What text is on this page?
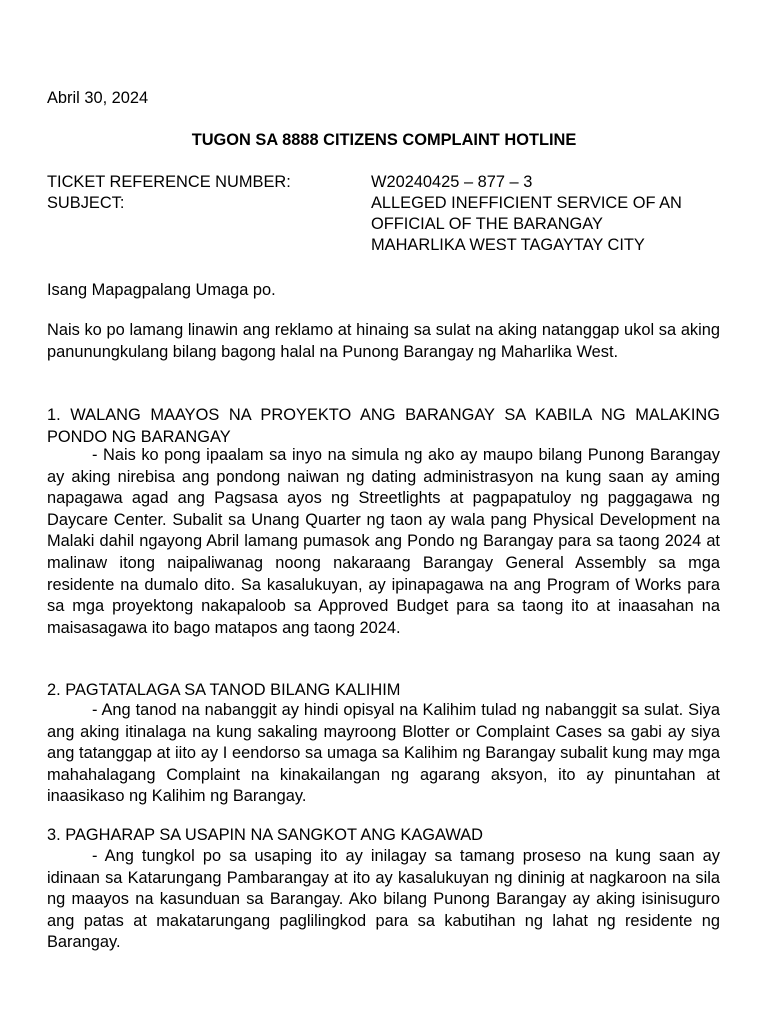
Abril 30, 2024
TUGON SA 8888 CITIZENS COMPLAINT HOTLINE
TICKET REFERENCE NUMBER:	W20240425 – 877 – 3
SUBJECT:	ALLEGED INEFFICIENT SERVICE OF AN
OFFICIAL OF THE BARANGAY
MAHARLIKA WEST TAGAYTAY CITY
Isang Mapagpalang Umaga po.

Nais ko po lamang linawin ang reklamo at hinaing sa sulat na aking natanggap ukol sa aking panunungkulang bilang bagong halal na Punong Barangay ng Maharlika West.

1. WALANG MAAYOS NA PROYEKTO ANG BARANGAY SA KABILA NG MALAKING PONDO NG BARANGAY

- Nais ko pong ipaalam sa inyo na simula ng ako ay maupo bilang Punong Barangay ay aking nirebisa ang pondong naiwan ng dating administrasyon na kung saan ay aming napagawa agad ang Pagsasa ayos ng Streetlights at pagpapatuloy ng paggagawa ng Daycare Center. Subalit sa Unang Quarter ng taon ay wala pang Physical Development na Malaki dahil ngayong Abril lamang pumasok ang Pondo ng Barangay para sa taong 2024 at malinaw itong naipaliwanag noong nakaraang Barangay General Assembly sa mga residente na dumalo dito. Sa kasalukuyan, ay ipinapagawa na ang Program of Works para sa mga proyektong nakapaloob sa Approved Budget para sa taong ito at inaasahan na maisasagawa ito bago matapos ang taong 2024.

2. PAGTATALAGA SA TANOD BILANG KALIHIM

- Ang tanod na nabanggit ay hindi opisyal na Kalihim tulad ng nabanggit sa sulat. Siya ang aking itinalaga na kung sakaling mayroong Blotter or Complaint Cases sa gabi ay siya ang tatanggap at iito ay I eendorso sa umaga sa Kalihim ng Barangay subalit kung may mga mahahalagang Complaint na kinakailangan ng agarang aksyon, ito ay pinuntahan at inaasikaso ng Kalihim ng Barangay.

3. PAGHARAP SA USAPIN NA SANGKOT ANG KAGAWAD

- Ang tungkol po sa usaping ito ay inilagay sa tamang proseso na kung saan ay idinaan sa Katarungang Pambarangay at ito ay kasalukuyan ng dininig at nagkaroon na sila ng maayos na kasunduan sa Barangay. Ako bilang Punong Barangay ay aking isinisuguro ang patas at makatarungang paglilingkod para sa kabutihan ng lahat ng residente ng Barangay.
